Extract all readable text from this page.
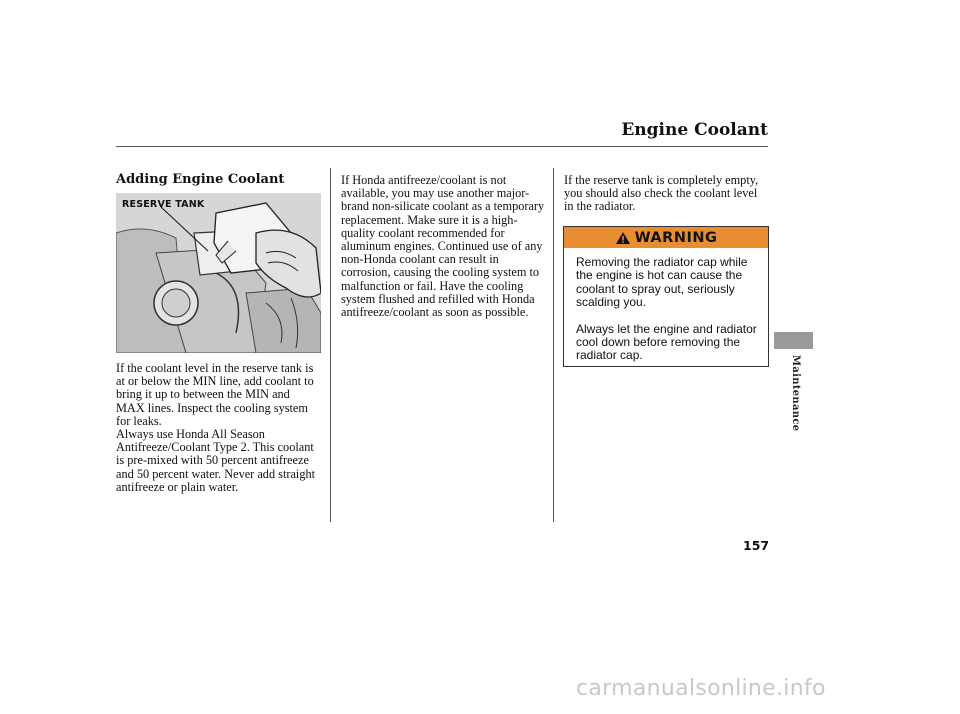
Engine Coolant
Adding Engine Coolant
RESERVE TANK

If the coolant level in the reserve tank is at or below the MIN line, add coolant to bring it up to between the MIN and MAX lines. Inspect the cooling system for leaks.

Always use Honda All Season Antifreeze/Coolant Type 2. This coolant is pre-mixed with 50 percent antifreeze and 50 percent water. Never add straight antifreeze or plain water.

If Honda antifreeze/coolant is not available, you may use another major-brand non-silicate coolant as a temporary replacement. Make sure it is a high-quality coolant recommended for aluminum engines. Continued use of any non-Honda coolant can result in corrosion, causing the cooling system to malfunction or fail. Have the cooling system flushed and refilled with Honda antifreeze/coolant as soon as possible.

If the reserve tank is completely empty, you should also check the coolant level in the radiator.

WARNING

Removing the radiator cap while the engine is hot can cause the coolant to spray out, seriously scalding you.

Always let the engine and radiator cool down before removing the radiator cap.	Maintenance
157
carmanualsonline.info
